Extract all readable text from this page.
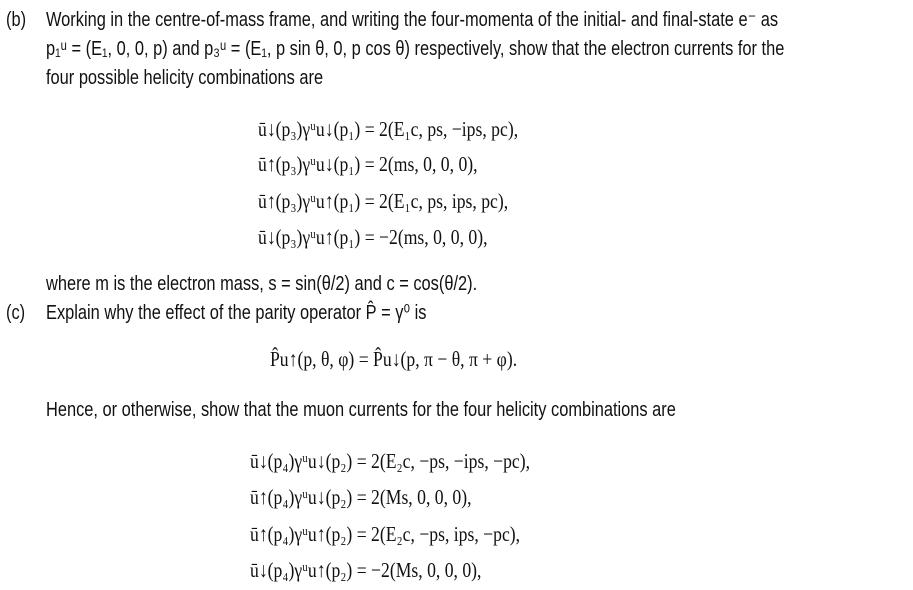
(b) Working in the centre-of-mass frame, and writing the four-momenta of the initial- and final-state e⁻ as
p₁ᵘ = (E₁, 0, 0, p) and p₃ᵘ = (E₁, p sin θ, 0, p cos θ) respectively, show that the electron currents for the
four possible helicity combinations are
ū↓(p₃)γᵘu↓(p₁) = 2(E₁c, ps, −ips, pc),
ū↑(p₃)γᵘu↓(p₁) = 2(ms, 0, 0, 0),
ū↑(p₃)γᵘu↑(p₁) = 2(E₁c, ps, ips, pc),
ū↓(p₃)γᵘu↑(p₁) = −2(ms, 0, 0, 0),
where m is the electron mass, s = sin(θ/2) and c = cos(θ/2).
(c) Explain why the effect of the parity operator P̂ = γ⁰ is
P̂u↑(p, θ, φ) = P̂u↓(p, π − θ, π + φ).
Hence, or otherwise, show that the muon currents for the four helicity combinations are
ū↓(p₄)γᵘu↓(p₂) = 2(E₂c, −ps, −ips, −pc),
ū↑(p₄)γᵘu↓(p₂) = 2(Ms, 0, 0, 0),
ū↑(p₄)γᵘu↑(p₂) = 2(E₂c, −ps, ips, −pc),
ū↓(p₄)γᵘu↑(p₂) = −2(Ms, 0, 0, 0),
